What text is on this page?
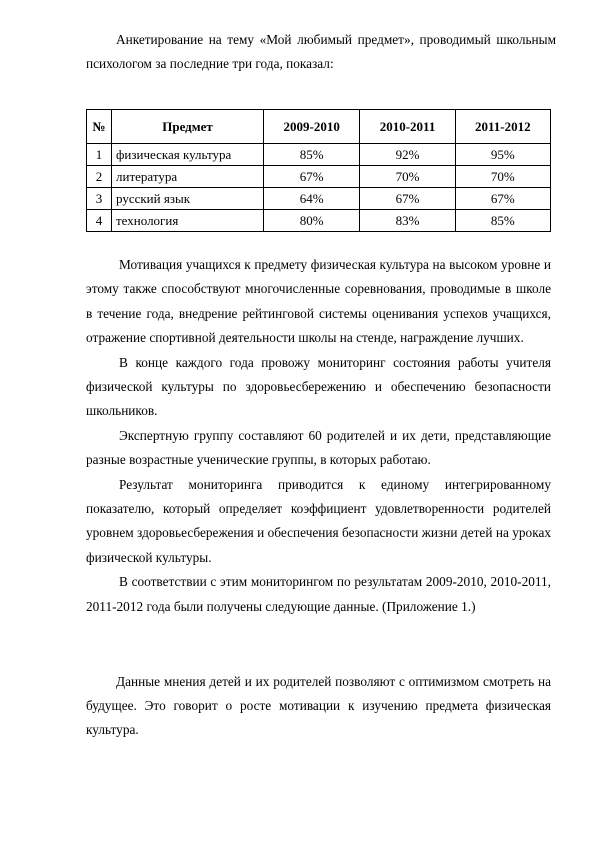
Анкетирование на тему «Мой любимый предмет», проводимый школьным психологом за последние три года, показал:

№	Предмет	2009-2010	2010-2011	2011-2012
1	физическая культура	85%	92%	95%
2	литература	67%	70%	70%
3	русский язык	64%	67%	67%
4	технология	80%	83%	85%

Мотивация учащихся к предмету физическая культура на высоком уровне и этому также способствуют многочисленные соревнования, проводимые в школе в течение года, внедрение рейтинговой системы оценивания успехов учащихся, отражение спортивной деятельности школы на стенде, награждение лучших.

В конце каждого года провожу мониторинг состояния работы учителя физической культуры по здоровьесбережению и обеспечению безопасности школьников.

Экспертную группу составляют 60 родителей и их дети, представляющие разные возрастные ученические группы, в которых работаю.

Результат мониторинга приводится к единому интегрированному показателю, который определяет коэффициент удовлетворенности родителей уровнем здоровьесбережения и обеспечения безопасности жизни детей на уроках физической культуры.

В соответствии с этим мониторингом по результатам 2009-2010, 2010-2011, 2011-2012 года были получены следующие данные. (Приложение 1.)

Данные мнения детей и их родителей позволяют с оптимизмом смотреть на будущее. Это говорит о росте мотивации к изучению предмета физическая культура.
